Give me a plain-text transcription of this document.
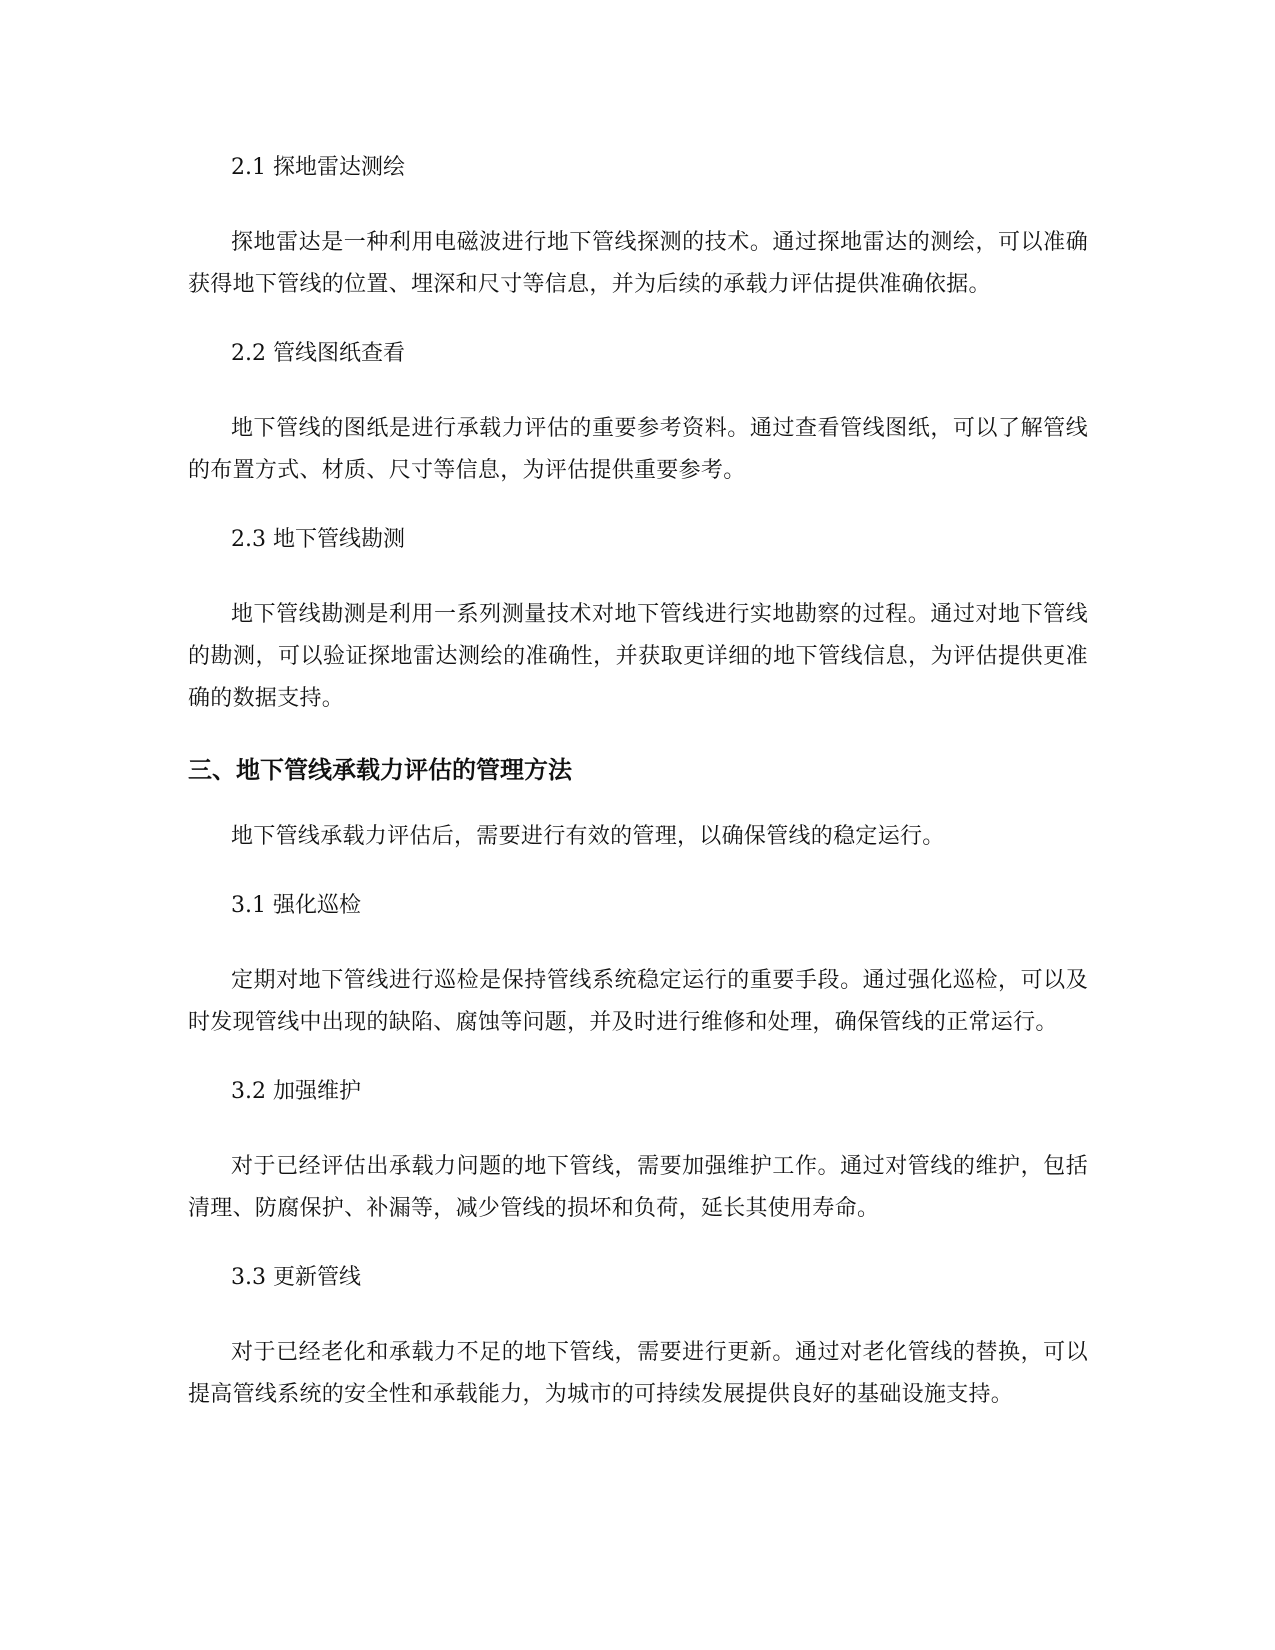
2.1 探地雷达测绘

探地雷达是一种利用电磁波进行地下管线探测的技术。通过探地雷达的测绘，可以准确获得地下管线的位置、埋深和尺寸等信息，并为后续的承载力评估提供准确依据。

2.2 管线图纸查看

地下管线的图纸是进行承载力评估的重要参考资料。通过查看管线图纸，可以了解管线的布置方式、材质、尺寸等信息，为评估提供重要参考。

2.3 地下管线勘测

地下管线勘测是利用一系列测量技术对地下管线进行实地勘察的过程。通过对地下管线的勘测，可以验证探地雷达测绘的准确性，并获取更详细的地下管线信息，为评估提供更准确的数据支持。

三、地下管线承载力评估的管理方法

地下管线承载力评估后，需要进行有效的管理，以确保管线的稳定运行。

3.1 强化巡检

定期对地下管线进行巡检是保持管线系统稳定运行的重要手段。通过强化巡检，可以及时发现管线中出现的缺陷、腐蚀等问题，并及时进行维修和处理，确保管线的正常运行。

3.2 加强维护

对于已经评估出承载力问题的地下管线，需要加强维护工作。通过对管线的维护，包括清理、防腐保护、补漏等，减少管线的损坏和负荷，延长其使用寿命。

3.3 更新管线

对于已经老化和承载力不足的地下管线，需要进行更新。通过对老化管线的替换，可以提高管线系统的安全性和承载能力，为城市的可持续发展提供良好的基础设施支持。
